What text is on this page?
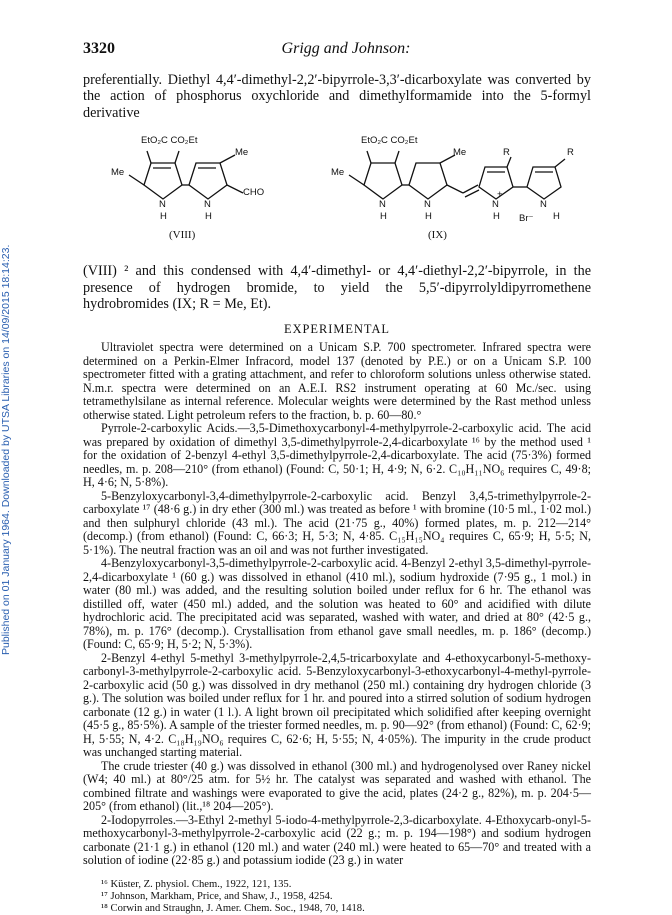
3320	Grigg and Johnson:
Published on 01 January 1964. Downloaded by UTSA Libraries on 14/09/2015 18:14:23.

preferentially. Diethyl 4,4′-dimethyl-2,2′-bipyrrole-3,3′-dicarboxylate was converted by the action of phosphorus oxychloride and dimethylformamide into the 5-formyl derivative

EtO₂C CO₂Et
Me
Me
CHO
N	N
H	H
(VIII)
EtO₂C CO₂Et
Me
Me	R	R
+
N	N	N	N
H	H	H	H
Br⁻
(IX)

(VIII) ² and this condensed with 4,4′-dimethyl- or 4,4′-diethyl-2,2′-bipyrrole, in the presence of hydrogen bromide, to yield the 5,5′-dipyrrolyldipyrromethene hydrobromides (IX; R = Me, Et).

EXPERIMENTAL

Ultraviolet spectra were determined on a Unicam S.P. 700 spectrometer. Infrared spectra were determined on a Perkin-Elmer Infracord, model 137 (denoted by P.E.) or on a Unicam S.P. 100 spectrometer fitted with a grating attachment, and refer to chloroform solutions unless otherwise stated. N.m.r. spectra were determined on an A.E.I. RS2 instrument operating at 60 Mc./sec. using tetramethylsilane as internal reference. Molecular weights were determined by the Rast method unless otherwise stated. Light petroleum refers to the fraction, b. p. 60—80.°

Pyrrole-2-carboxylic Acids.—3,5-Dimethoxycarbonyl-4-methylpyrrole-2-carboxylic acid. The acid was prepared by oxidation of dimethyl 3,5-dimethylpyrrole-2,4-dicarboxylate ¹⁶ by the method used ¹ for the oxidation of 2-benzyl 4-ethyl 3,5-dimethylpyrrole-2,4-dicarboxylate. The acid (75·3%) formed needles, m. p. 208—210° (from ethanol) (Found: C, 50·1; H, 4·9; N, 6·2. C₁₀H₁₁NO₆ requires C, 49·8; H, 4·6; N, 5·8%).

5-Benzyloxycarbonyl-3,4-dimethylpyrrole-2-carboxylic acid. Benzyl 3,4,5-trimethylpyrrole-2-carboxylate ¹⁷ (48·6 g.) in dry ether (300 ml.) was treated as before ¹ with bromine (10·5 ml., 1·02 mol.) and then sulphuryl chloride (43 ml.). The acid (21·75 g., 40%) formed plates, m. p. 212—214° (decomp.) (from ethanol) (Found: C, 66·3; H, 5·3; N, 4·85. C₁₅H₁₅NO₄ requires C, 65·9; H, 5·5; N, 5·1%). The neutral fraction was an oil and was not further investigated.

4-Benzyloxycarbonyl-3,5-dimethylpyrrole-2-carboxylic acid. 4-Benzyl 2-ethyl 3,5-dimethyl-pyrrole-2,4-dicarboxylate ¹ (60 g.) was dissolved in ethanol (410 ml.), sodium hydroxide (7·95 g., 1 mol.) in water (80 ml.) was added, and the resulting solution boiled under reflux for 6 hr. The ethanol was distilled off, water (450 ml.) added, and the solution was heated to 60° and acidified with dilute hydrochloric acid. The precipitated acid was separated, washed with water, and dried at 80° (42·5 g., 78%), m. p. 176° (decomp.). Crystallisation from ethanol gave small needles, m. p. 186° (decomp.) (Found: C, 65·9; H, 5·2; N, 5·3%).

2-Benzyl 4-ethyl 5-methyl 3-methylpyrrole-2,4,5-tricarboxylate and 4-ethoxycarbonyl-5-methoxy-carbonyl-3-methylpyrrole-2-carboxylic acid. 5-Benzyloxycarbonyl-3-ethoxycarbonyl-4-methyl-pyrrole-2-carboxylic acid (50 g.) was dissolved in dry methanol (250 ml.) containing dry hydrogen chloride (3 g.). The solution was boiled under reflux for 1 hr. and poured into a stirred solution of sodium hydrogen carbonate (12 g.) in water (1 l.). A light brown oil precipitated which solidified after keeping overnight (45·5 g., 85·5%). A sample of the triester formed needles, m. p. 90—92° (from ethanol) (Found: C, 62·9; H, 5·55; N, 4·2. C₁₈H₁₉NO₆ requires C, 62·6; H, 5·55; N, 4·05%). The impurity in the crude product was unchanged starting material.

The crude triester (40 g.) was dissolved in ethanol (300 ml.) and hydrogenolysed over Raney nickel (W4; 40 ml.) at 80°/25 atm. for 5½ hr. The catalyst was separated and washed with ethanol. The combined filtrate and washings were evaporated to give the acid, plates (24·2 g., 82%), m. p. 204·5—205° (from ethanol) (lit.,¹⁸ 204—205°).

2-Iodopyrroles.—3-Ethyl 2-methyl 5-iodo-4-methylpyrrole-2,3-dicarboxylate. 4-Ethoxycarb-onyl-5-methoxycarbonyl-3-methylpyrrole-2-carboxylic acid (22 g.; m. p. 194—198°) and sodium hydrogen carbonate (21·1 g.) in ethanol (120 ml.) and water (240 ml.) were heated to 65—70° and treated with a solution of iodine (22·85 g.) and potassium iodide (23 g.) in water

¹⁶ Küster, Z. physiol. Chem., 1922, 121, 135.

¹⁷ Johnson, Markham, Price, and Shaw, J., 1958, 4254.

¹⁸ Corwin and Straughn, J. Amer. Chem. Soc., 1948, 70, 1418.
